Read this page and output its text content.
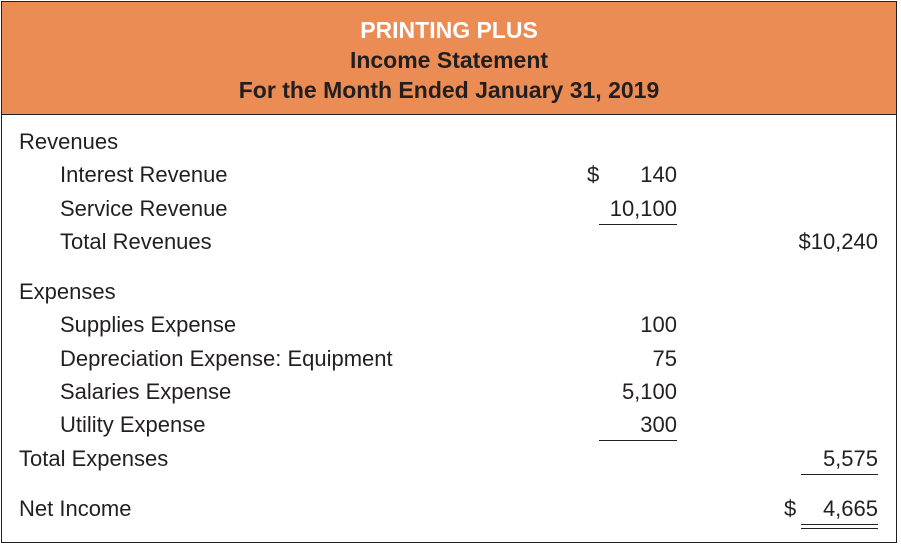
PRINTING PLUS
Income Statement
For the Month Ended January 31, 2019
Revenues
Interest Revenue	$	140
Service Revenue	10,100
Total Revenues	$10,240
Expenses
Supplies Expense	100
Depreciation Expense: Equipment	75
Salaries Expense	5,100
Utility Expense	300
Total Expenses	5,575
Net Income	$	4,665
